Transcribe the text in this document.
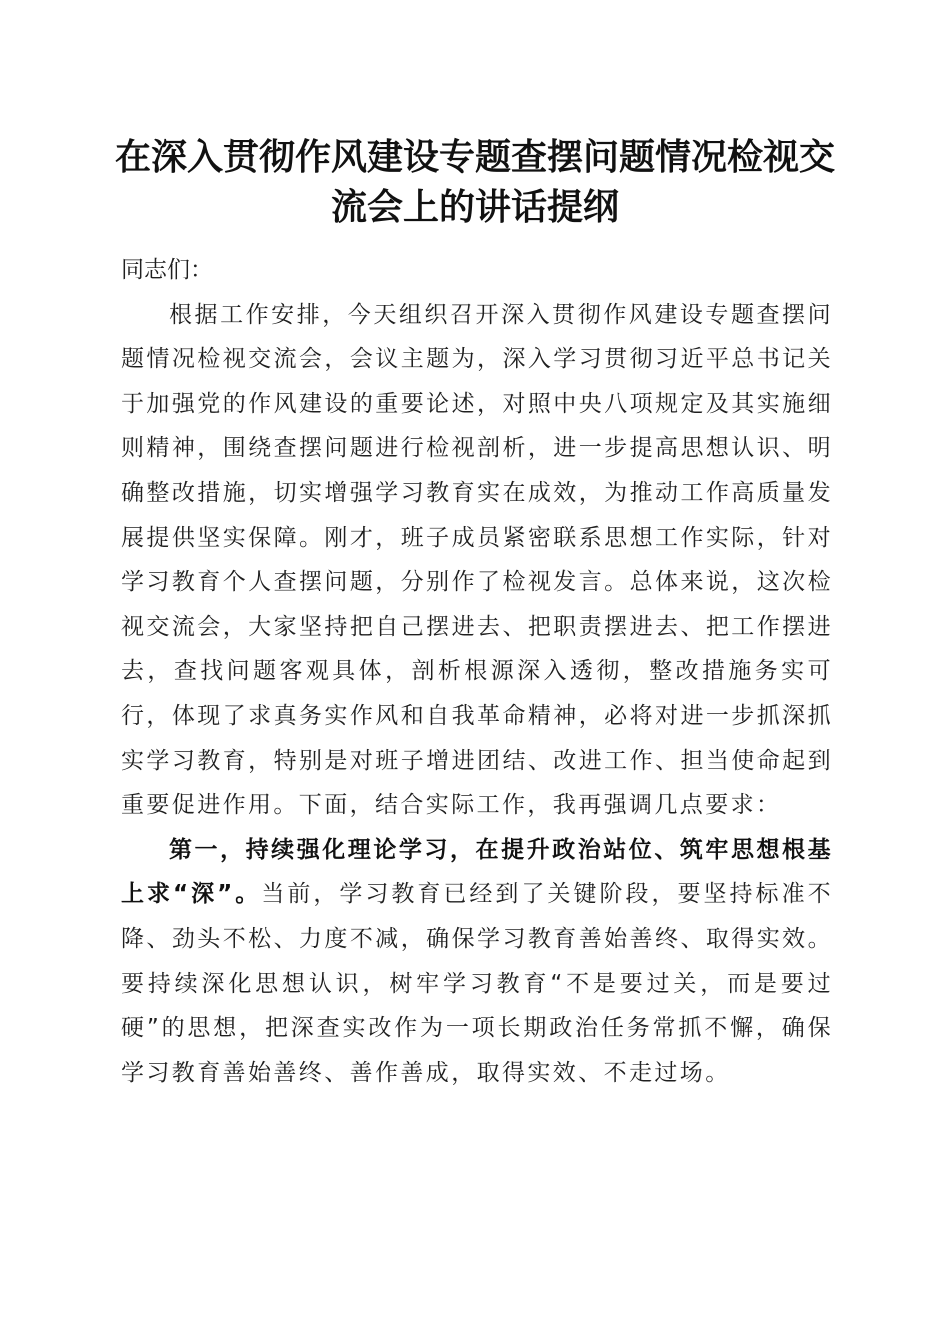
在深入贯彻作风建设专题查摆问题情况检视交
流会上的讲话提纲

同志们：

根据工作安排，今天组织召开深入贯彻作风建设专题查摆问题情况检视交流会，会议主题为，深入学习贯彻习近平总书记关于加强党的作风建设的重要论述，对照中央八项规定及其实施细则精神，围绕查摆问题进行检视剖析，进一步提高思想认识、明确整改措施，切实增强学习教育实在成效，为推动工作高质量发展提供坚实保障。刚才，班子成员紧密联系思想工作实际，针对学习教育个人查摆问题，分别作了检视发言。总体来说，这次检视交流会，大家坚持把自己摆进去、把职责摆进去、把工作摆进去，查找问题客观具体，剖析根源深入透彻，整改措施务实可行，体现了求真务实作风和自我革命精神，必将对进一步抓深抓实学习教育，特别是对班子增进团结、改进工作、担当使命起到重要促进作用。下面，结合实际工作，我再强调几点要求：

第一，持续强化理论学习，在提升政治站位、筑牢思想根基上求“深”。当前，学习教育已经到了关键阶段，要坚持标准不降、劲头不松、力度不减，确保学习教育善始善终、取得实效。要持续深化思想认识，树牢学习教育“不是要过关，而是要过硬”的思想，把深查实改作为一项长期政治任务常抓不懈，确保学习教育善始善终、善作善成，取得实效、不走过场。
